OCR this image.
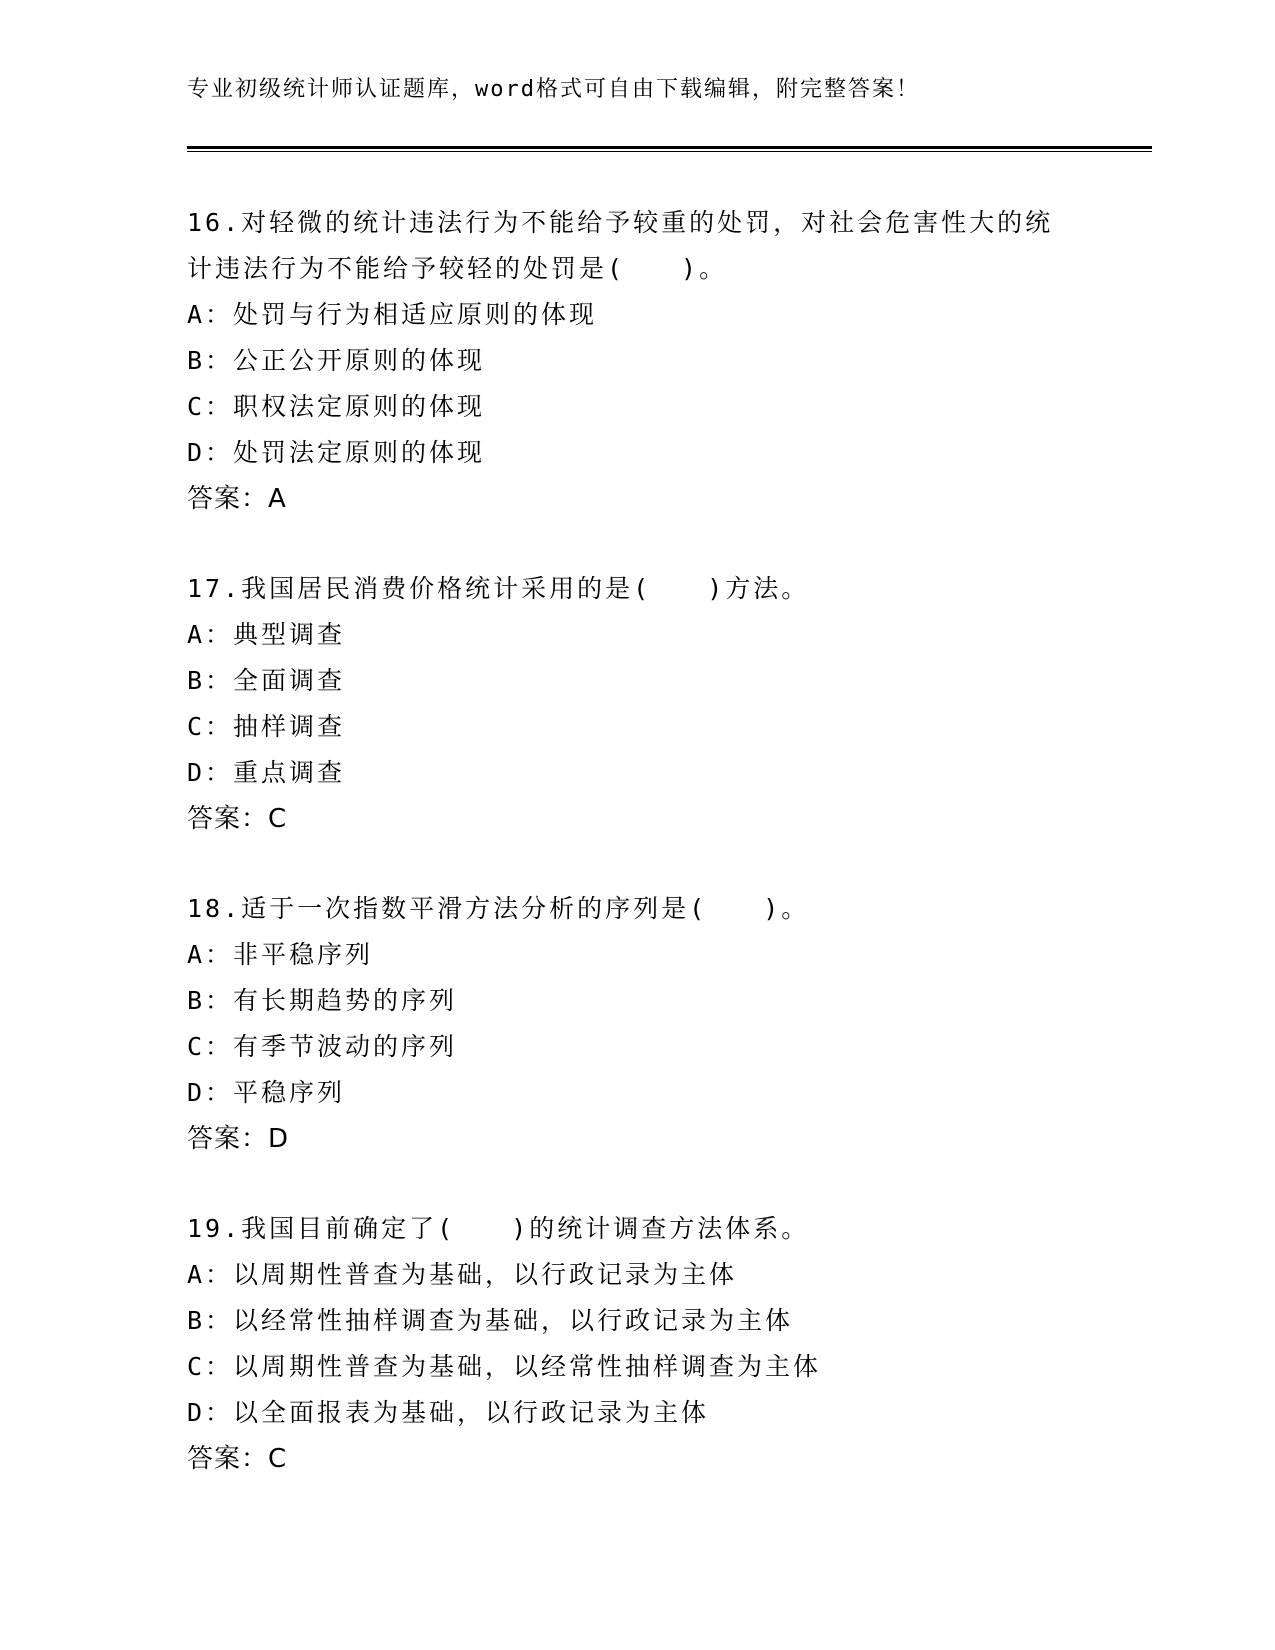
专业初级统计师认证题库，word格式可自由下载编辑，附完整答案！

16.对轻微的统计违法行为不能给予较重的处罚，对社会危害性大的统

计违法行为不能给予较轻的处罚是(　　)。

A：处罚与行为相适应原则的体现

B：公正公开原则的体现

C：职权法定原则的体现

D：处罚法定原则的体现

答案：A

17.我国居民消费价格统计采用的是(　　)方法。

A：典型调查

B：全面调查

C：抽样调查

D：重点调查

答案：C

18.适于一次指数平滑方法分析的序列是(　　)。

A：非平稳序列

B：有长期趋势的序列

C：有季节波动的序列

D：平稳序列

答案：D

19.我国目前确定了(　　)的统计调查方法体系。

A：以周期性普查为基础，以行政记录为主体

B：以经常性抽样调查为基础，以行政记录为主体

C：以周期性普查为基础，以经常性抽样调查为主体

D：以全面报表为基础，以行政记录为主体

答案：C
